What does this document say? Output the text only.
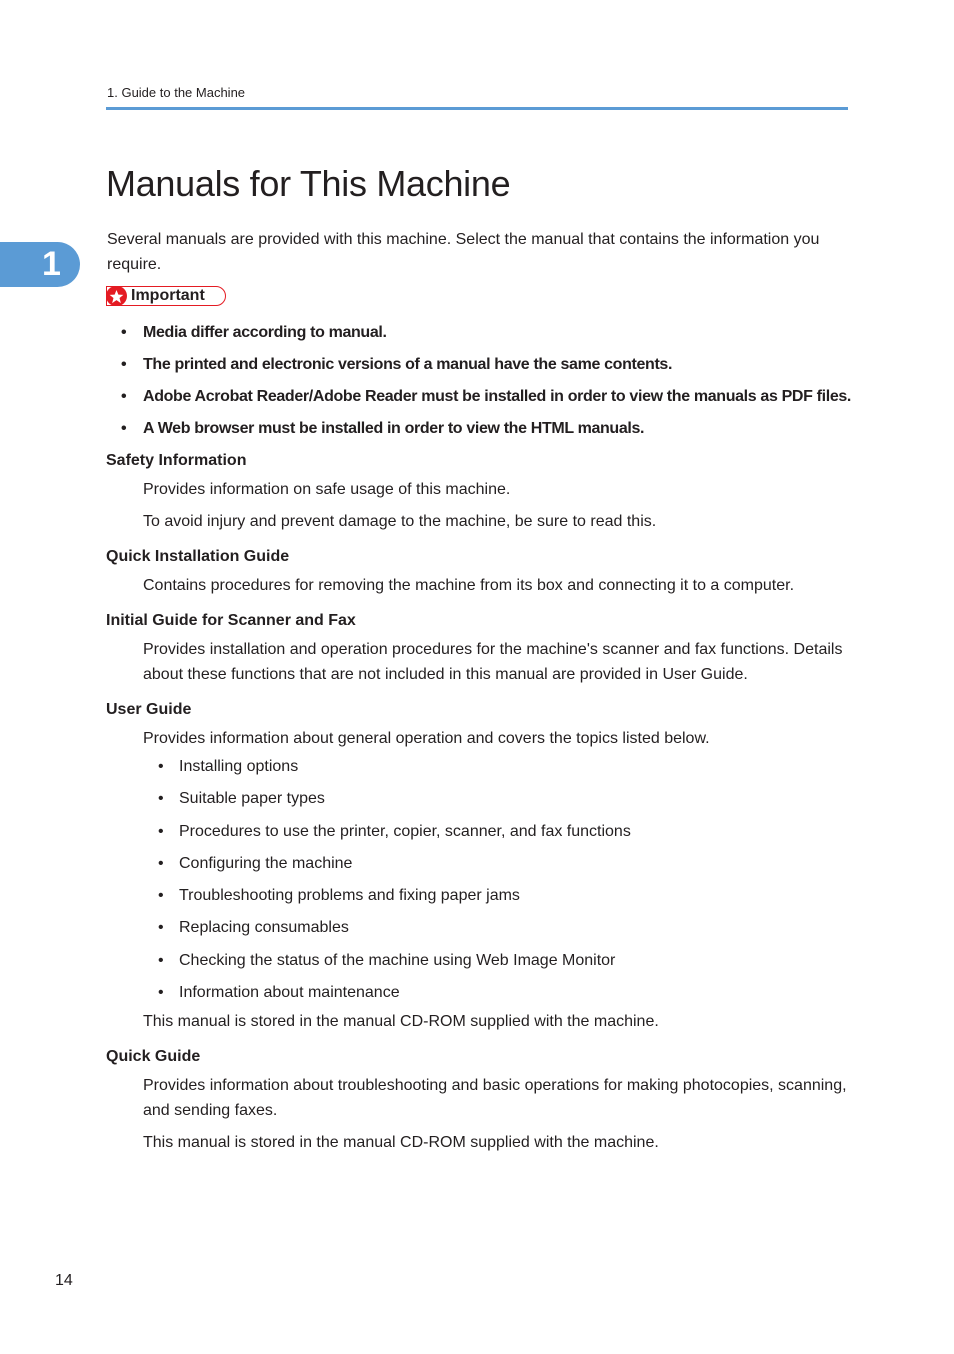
1. Guide to the Machine
1
Manuals for This Machine

Several manuals are provided with this machine. Select the manual that contains the information you require.

Important
• Media differ according to manual.
• The printed and electronic versions of a manual have the same contents.
• Adobe Acrobat Reader/Adobe Reader must be installed in order to view the manuals as PDF files.
• A Web browser must be installed in order to view the HTML manuals.
Safety Information

Provides information on safe usage of this machine.

To avoid injury and prevent damage to the machine, be sure to read this.

Quick Installation Guide

Contains procedures for removing the machine from its box and connecting it to a computer.

Initial Guide for Scanner and Fax

Provides installation and operation procedures for the machine's scanner and fax functions. Details about these functions that are not included in this manual are provided in User Guide.

User Guide

Provides information about general operation and covers the topics listed below.

• Installing options
• Suitable paper types
• Procedures to use the printer, copier, scanner, and fax functions
• Configuring the machine
• Troubleshooting problems and fixing paper jams
• Replacing consumables
• Checking the status of the machine using Web Image Monitor
• Information about maintenance

This manual is stored in the manual CD-ROM supplied with the machine.

Quick Guide

Provides information about troubleshooting and basic operations for making photocopies, scanning, and sending faxes.

This manual is stored in the manual CD-ROM supplied with the machine.

14
